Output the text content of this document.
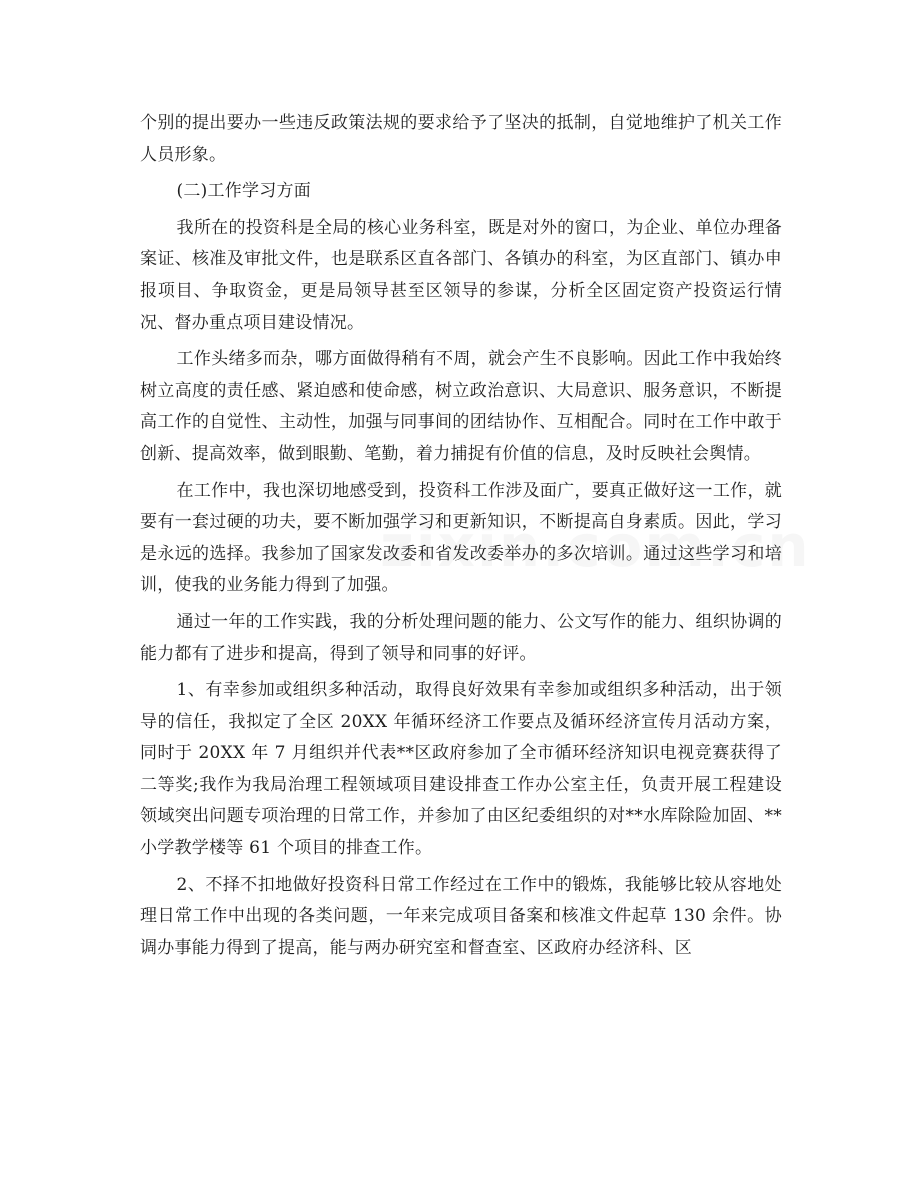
个别的提出要办一些违反政策法规的要求给予了坚决的抵制，自觉地维护了机关工作人员形象。

(二)工作学习方面

我所在的投资科是全局的核心业务科室，既是对外的窗口，为企业、单位办理备案证、核准及审批文件，也是联系区直各部门、各镇办的科室，为区直部门、镇办申报项目、争取资金，更是局领导甚至区领导的参谋，分析全区固定资产投资运行情况、督办重点项目建设情况。

工作头绪多而杂，哪方面做得稍有不周，就会产生不良影响。因此工作中我始终树立高度的责任感、紧迫感和使命感，树立政治意识、大局意识、服务意识，不断提高工作的自觉性、主动性，加强与同事间的团结协作、互相配合。同时在工作中敢于创新、提高效率，做到眼勤、笔勤，着力捕捉有价值的信息，及时反映社会舆情。

在工作中，我也深切地感受到，投资科工作涉及面广，要真正做好这一工作，就要有一套过硬的功夫，要不断加强学习和更新知识，不断提高自身素质。因此，学习是永远的选择。我参加了国家发改委和省发改委举办的多次培训。通过这些学习和培训，使我的业务能力得到了加强。

通过一年的工作实践，我的分析处理问题的能力、公文写作的能力、组织协调的能力都有了进步和提高，得到了领导和同事的好评。

1、有幸参加或组织多种活动，取得良好效果有幸参加或组织多种活动，出于领导的信任，我拟定了全区 20XX 年循环经济工作要点及循环经济宣传月活动方案，同时于 20XX 年 7 月组织并代表**区政府参加了全市循环经济知识电视竞赛获得了二等奖;我作为我局治理工程领域项目建设排查工作办公室主任，负责开展工程建设领域突出问题专项治理的日常工作，并参加了由区纪委组织的对**水库除险加固、**小学教学楼等 61 个项目的排查工作。

2、不择不扣地做好投资科日常工作经过在工作中的锻炼，我能够比较从容地处理日常工作中出现的各类问题，一年来完成项目备案和核准文件起草 130 余件。协调办事能力得到了提高，能与两办研究室和督查室、区政府办经济科、区
